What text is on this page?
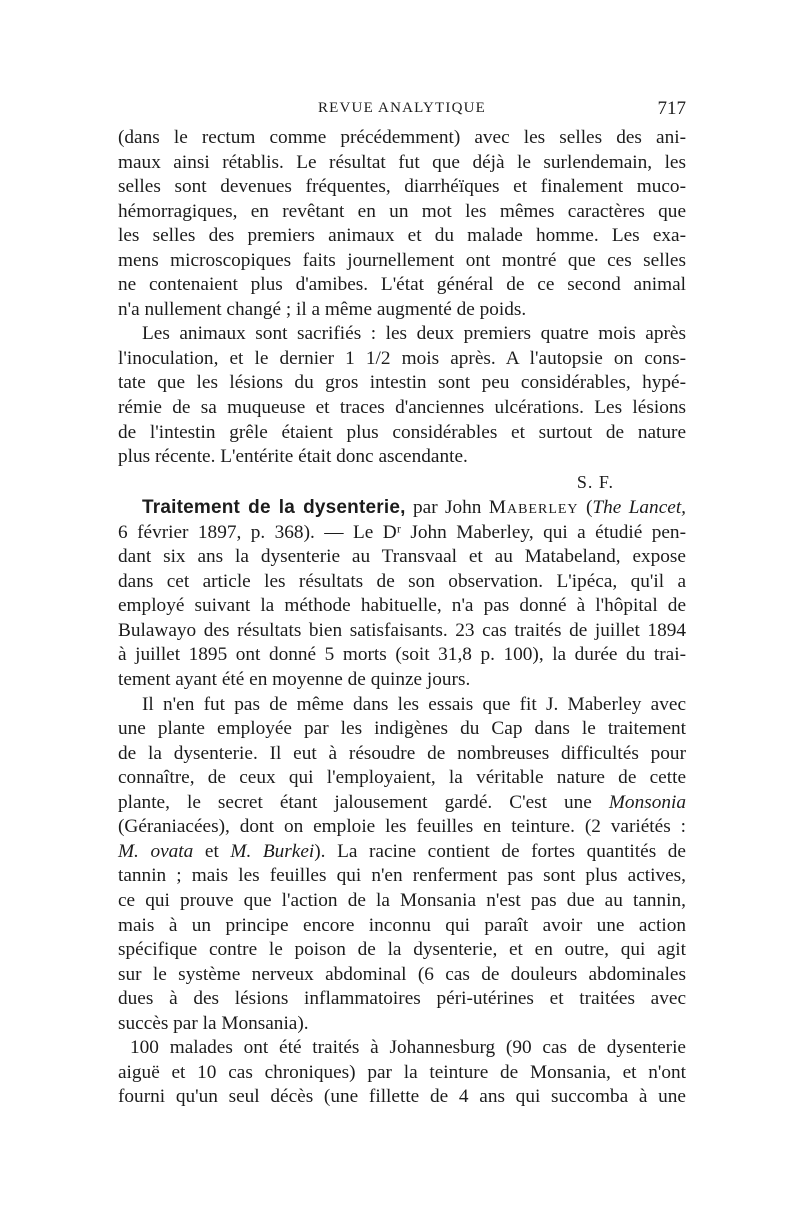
REVUE ANALYTIQUE	717
(dans le rectum comme précédemment) avec les selles des ani-
maux ainsi rétablis. Le résultat fut que déjà le surlendemain, les
selles sont devenues fréquentes, diarrhéïques et finalement muco-
hémorragiques, en revêtant en un mot les mêmes caractères que
les selles des premiers animaux et du malade homme. Les exa-
mens microscopiques faits journellement ont montré que ces selles
ne contenaient plus d'amibes. L'état général de ce second animal
n'a nullement changé ; il a même augmenté de poids.
Les animaux sont sacrifiés : les deux premiers quatre mois après
l'inoculation, et le dernier 1 1/2 mois après. A l'autopsie on cons-
tate que les lésions du gros intestin sont peu considérables, hypé-
rémie de sa muqueuse et traces d'anciennes ulcérations. Les lésions
de l'intestin grêle étaient plus considérables et surtout de nature
plus récente. L'entérite était donc ascendante.
S. F.
Traitement de la dysenterie, par John Maberley (The Lancet,
6 février 1897, p. 368). — Le Dʳ John Maberley, qui a étudié pen-
dant six ans la dysenterie au Transvaal et au Matabeland, expose
dans cet article les résultats de son observation. L'ipéca, qu'il a
employé suivant la méthode habituelle, n'a pas donné à l'hôpital de
Bulawayo des résultats bien satisfaisants. 23 cas traités de juillet 1894
à juillet 1895 ont donné 5 morts (soit 31,8 p. 100), la durée du trai-
tement ayant été en moyenne de quinze jours.
Il n'en fut pas de même dans les essais que fit J. Maberley avec
une plante employée par les indigènes du Cap dans le traitement
de la dysenterie. Il eut à résoudre de nombreuses difficultés pour
connaître, de ceux qui l'employaient, la véritable nature de cette
plante, le secret étant jalousement gardé. C'est une Monsonia
(Géraniacées), dont on emploie les feuilles en teinture. (2 variétés :
M. ovata et M. Burkei). La racine contient de fortes quantités de
tannin ; mais les feuilles qui n'en renferment pas sont plus actives,
ce qui prouve que l'action de la Monsania n'est pas due au tannin,
mais à un principe encore inconnu qui paraît avoir une action
spécifique contre le poison de la dysenterie, et en outre, qui agit
sur le système nerveux abdominal (6 cas de douleurs abdominales
dues à des lésions inflammatoires péri-utérines et traitées avec
succès par la Monsania).
100 malades ont été traités à Johannesburg (90 cas de dysenterie
aiguë et 10 cas chroniques) par la teinture de Monsania, et n'ont
fourni qu'un seul décès (une fillette de 4 ans qui succomba à une
